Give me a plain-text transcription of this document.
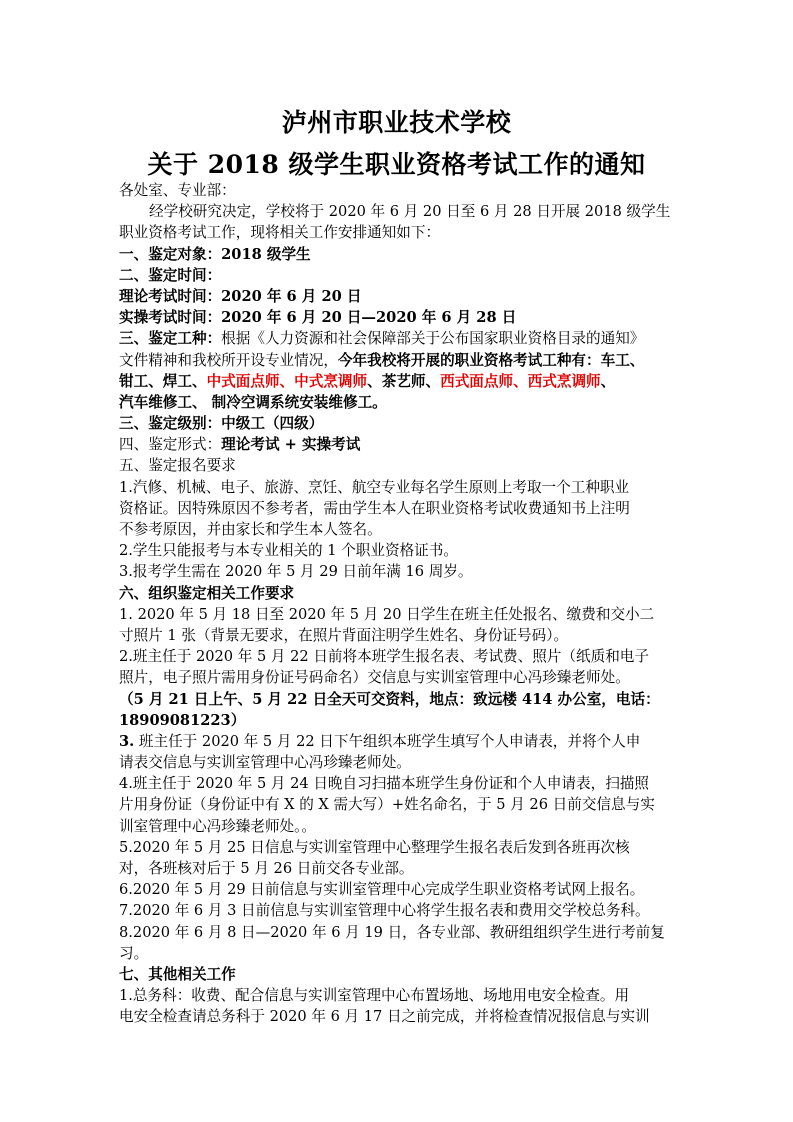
泸州市职业技术学校
关于 2018 级学生职业资格考试工作的通知
各处室、专业部：
经学校研究决定，学校将于 2020 年 6 月 20 日至 6 月 28 日开展 2018 级学生
职业资格考试工作，现将相关工作安排通知如下：
一、鉴定对象：2018 级学生
二、鉴定时间：
理论考试时间：2020 年 6 月 20 日
实操考试时间：2020 年 6 月 20 日—2020 年 6 月 28 日
三、鉴定工种：根据《人力资源和社会保障部关于公布国家职业资格目录的通知》
文件精神和我校所开设专业情况，今年我校将开展的职业资格考试工种有：车工、
钳工、焊工、中式面点师、中式烹调师、茶艺师、西式面点师、西式烹调师、
汽车维修工、 制冷空调系统安装维修工。
三、鉴定级别：中级工（四级）
四、鉴定形式：理论考试 + 实操考试
五、鉴定报名要求
1.汽修、机械、电子、旅游、烹饪、航空专业每名学生原则上考取一个工种职业
资格证。因特殊原因不参考者，需由学生本人在职业资格考试收费通知书上注明
不参考原因，并由家长和学生本人签名。
2.学生只能报考与本专业相关的 1 个职业资格证书。
3.报考学生需在 2020 年 5 月 29 日前年满 16 周岁。
六、组织鉴定相关工作要求
1. 2020 年 5 月 18 日至 2020 年 5 月 20 日学生在班主任处报名、缴费和交小二
寸照片 1 张（背景无要求，在照片背面注明学生姓名、身份证号码）。
2.班主任于 2020 年 5 月 22 日前将本班学生报名表、考试费、照片（纸质和电子
照片，电子照片需用身份证号码命名）交信息与实训室管理中心冯珍臻老师处。
（5 月 21 日上午、5 月 22 日全天可交资料，地点：致远楼 414 办公室，电话：
18909081223）
3. 班主任于 2020 年 5 月 22 日下午组织本班学生填写个人申请表，并将个人申
请表交信息与实训室管理中心冯珍臻老师处。
4.班主任于 2020 年 5 月 24 日晚自习扫描本班学生身份证和个人申请表，扫描照
片用身份证（身份证中有 X 的 X 需大写）+姓名命名，于 5 月 26 日前交信息与实
训室管理中心冯珍臻老师处。。
5.2020 年 5 月 25 日信息与实训室管理中心整理学生报名表后发到各班再次核
对，各班核对后于 5 月 26 日前交各专业部。
6.2020 年 5 月 29 日前信息与实训室管理中心完成学生职业资格考试网上报名。
7.2020 年 6 月 3 日前信息与实训室管理中心将学生报名表和费用交学校总务科。
8.2020 年 6 月 8 日—2020 年 6 月 19 日，各专业部、教研组组织学生进行考前复
习。
七、其他相关工作
1.总务科：收费、配合信息与实训室管理中心布置场地、场地用电安全检查。用
电安全检查请总务科于 2020 年 6 月 17 日之前完成，并将检查情况报信息与实训
